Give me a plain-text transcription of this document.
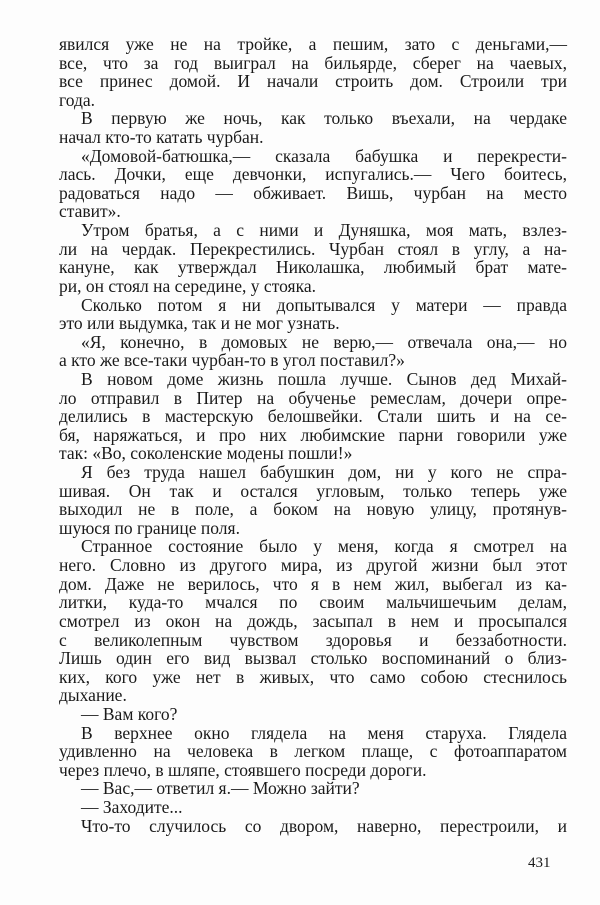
явился уже не на тройке, а пешим, зато с деньгами,—
все, что за год выиграл на бильярде, сберег на чаевых,
все принес домой. И начали строить дом. Строили три
года.
В первую же ночь, как только въехали, на чердаке
начал кто-то катать чурбан.
«Домовой-батюшка,— сказала бабушка и перекрести-
лась. Дочки, еще девчонки, испугались.— Чего боитесь,
радоваться надо — обживает. Вишь, чурбан на место
ставит».
Утром братья, а с ними и Дуняшка, моя мать, взлез-
ли на чердак. Перекрестились. Чурбан стоял в углу, а на-
кануне, как утверждал Николашка, любимый брат мате-
ри, он стоял на середине, у стояка.
Сколько потом я ни допытывался у матери — правда
это или выдумка, так и не мог узнать.
«Я, конечно, в домовых не верю,— отвечала она,— но
а кто же все-таки чурбан-то в угол поставил?»
В новом доме жизнь пошла лучше. Сынов дед Михай-
ло отправил в Питер на обученье ремеслам, дочери опре-
делились в мастерскую белошвейки. Стали шить и на се-
бя, наряжаться, и про них любимские парни говорили уже
так: «Во, соколенские модены пошли!»
Я без труда нашел бабушкин дом, ни у кого не спра-
шивая. Он так и остался угловым, только теперь уже
выходил не в поле, а боком на новую улицу, протянув-
шуюся по границе поля.
Странное состояние было у меня, когда я смотрел на
него. Словно из другого мира, из другой жизни был этот
дом. Даже не верилось, что я в нем жил, выбегал из ка-
литки, куда-то мчался по своим мальчишечьим делам,
смотрел из окон на дождь, засыпал в нем и просыпался
с великолепным чувством здоровья и беззаботности.
Лишь один его вид вызвал столько воспоминаний о близ-
ких, кого уже нет в живых, что само собою стеснилось
дыхание.
— Вам кого?
В верхнее окно глядела на меня старуха. Глядела
удивленно на человека в легком плаще, с фотоаппаратом
через плечо, в шляпе, стоявшего посреди дороги.
— Вас,— ответил я.— Можно зайти?
— Заходите...
Что-то случилось со двором, наверно, перестроили, и
431
